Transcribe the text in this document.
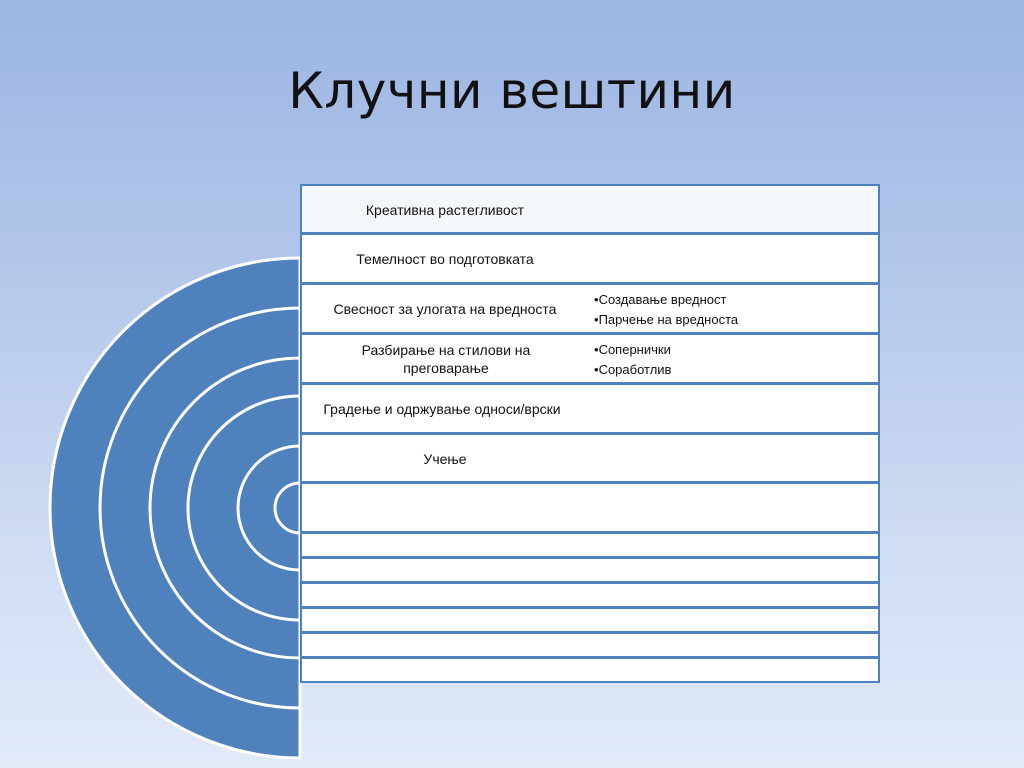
Клучни вештини
Креативна растегливост
Темелност во подготовката
Свесност за улогата на вредноста
• Создавање вредност
• Парчење на вредноста
Разбирање на стилови на преговарање
• Сопернички
• Соработлив
Градење и одржување односи/врски
Учење
